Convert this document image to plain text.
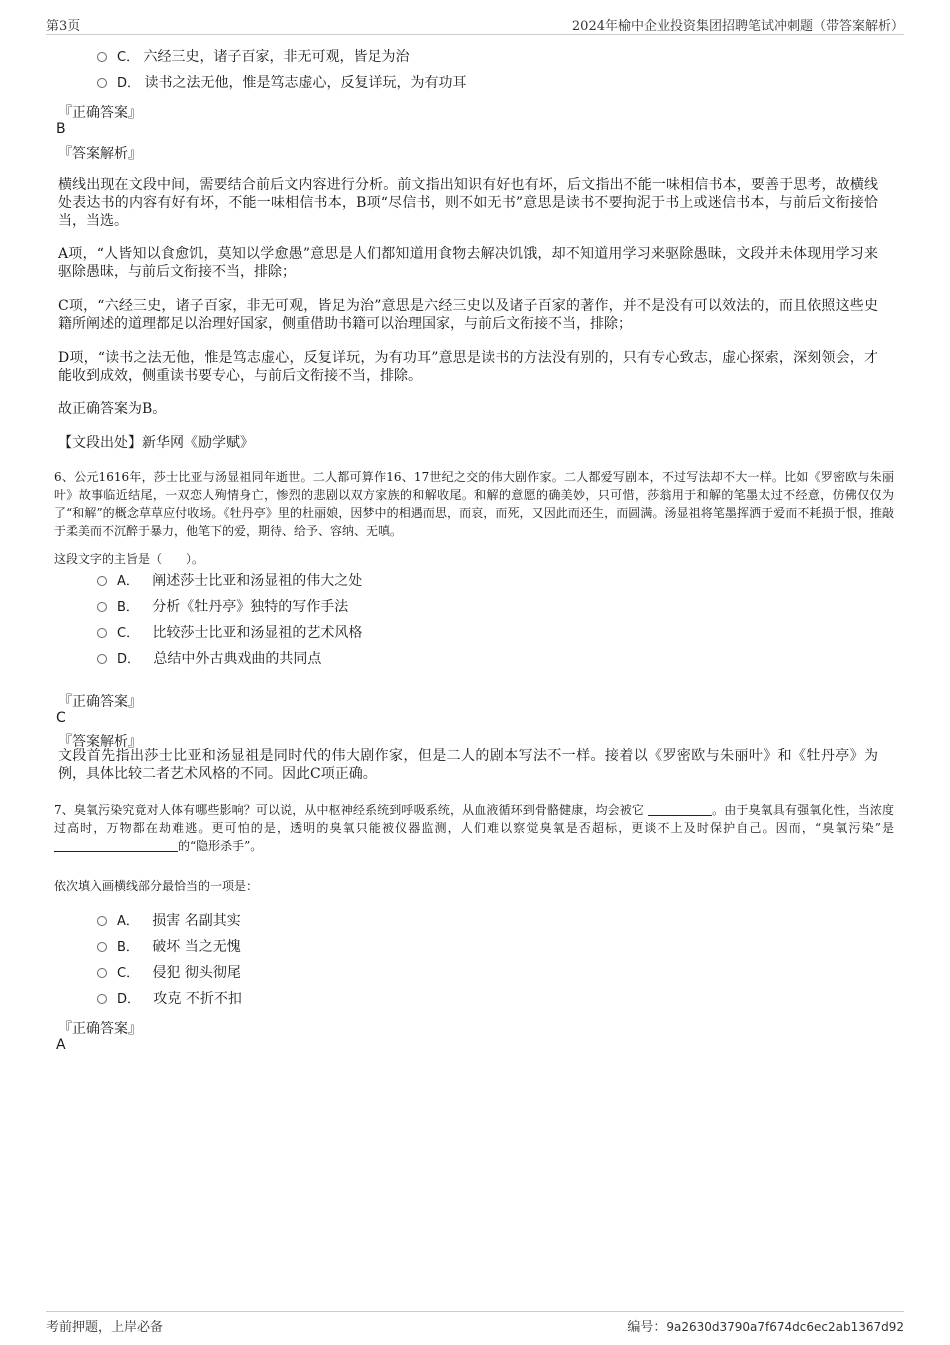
第3页	2024年榆中企业投资集团招聘笔试冲刺题（带答案解析）
C． 六经三史，诸子百家，非无可观，皆足为治
D． 读书之法无他，惟是笃志虚心，反复详玩，为有功耳
『正确答案』
B
『答案解析』
横线出现在文段中间，需要结合前后文内容进行分析。前文指出知识有好也有坏，后文指出不能一味相信书本，要善于思考，故横线处表达书的内容有好有坏，不能一味相信书本，B项“尽信书，则不如无书”意思是读书不要拘泥于书上或迷信书本，与前后文衔接恰当，当选。
A项，“人皆知以食愈饥，莫知以学愈愚”意思是人们都知道用食物去解决饥饿，却不知道用学习来驱除愚昧，文段并未体现用学习来驱除愚昧，与前后文衔接不当，排除；
C项，“六经三史，诸子百家，非无可观，皆足为治”意思是六经三史以及诸子百家的著作，并不是没有可以效法的，而且依照这些史籍所阐述的道理都足以治理好国家，侧重借助书籍可以治理国家，与前后文衔接不当，排除；
D项，“读书之法无他，惟是笃志虚心，反复详玩，为有功耳”意思是读书的方法没有别的，只有专心致志，虚心探索，深刻领会，才能收到成效，侧重读书要专心，与前后文衔接不当，排除。
故正确答案为B。
【文段出处】新华网《励学赋》
6、公元1616年，莎士比亚与汤显祖同年逝世。二人都可算作16、17世纪之交的伟大剧作家。二人都爱写剧本，不过写法却不大一样。比如《罗密欧与朱丽叶》故事临近结尾，一双恋人殉情身亡，惨烈的悲剧以双方家族的和解收尾。和解的意愿的确美妙，只可惜，莎翁用于和解的笔墨太过不经意，仿佛仅仅为了“和解”的概念草草应付收场。《牡丹亭》里的杜丽娘，因梦中的相遇而思，而哀，而死，又因此而还生，而圆满。汤显祖将笔墨挥洒于爱而不耗损于恨，推敲于柔美而不沉醉于暴力，他笔下的爱，期待、给予、容纳、无嗔。
这段文字的主旨是（　　）。
A． 阐述莎士比亚和汤显祖的伟大之处
B． 分析《牡丹亭》独特的写作手法
C． 比较莎士比亚和汤显祖的艺术风格
D． 总结中外古典戏曲的共同点
『正确答案』
C
『答案解析』
文段首先指出莎士比亚和汤显祖是同时代的伟大剧作家，但是二人的剧本写法不一样。接着以《罗密欧与朱丽叶》和《牡丹亭》为例，具体比较二者艺术风格的不同。因此C项正确。
7、臭氧污染究竟对人体有哪些影响？可以说，从中枢神经系统到呼吸系统，从血液循环到骨骼健康，均会被它	。由于臭氧具有强氧化性，当浓度过高时，万物都在劫难逃。更可怕的是，透明的臭氧只能被仪器监测，人们难以察觉臭氧是否超标，更谈不上及时保护自己。因而，“臭氧污染”是 的“隐形杀手”。
依次填入画横线部分最恰当的一项是：
A． 损害 名副其实
B． 破坏 当之无愧
C． 侵犯 彻头彻尾
D． 攻克 不折不扣
『正确答案』
A
考前押题，上岸必备	编号：9a2630d3790a7f674dc6ec2ab1367d92
